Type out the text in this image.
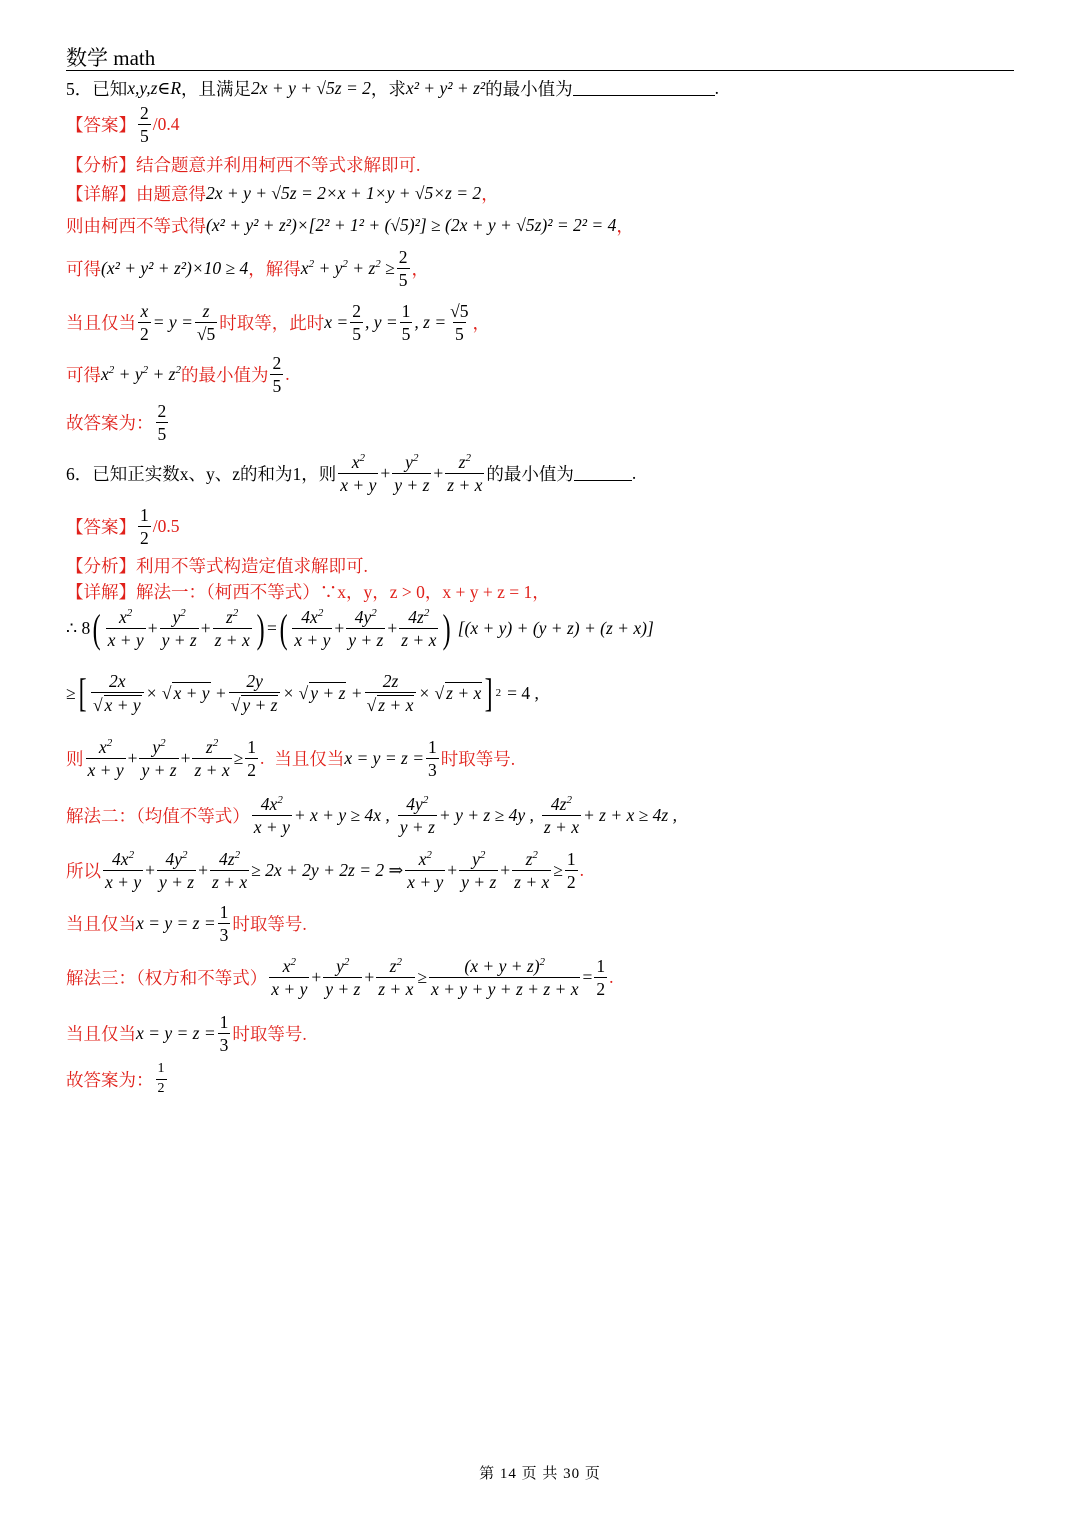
数学 math
5． 已知 x,y,z∈R ，且满足 2x + y + √5z = 2 ，求 x² + y² + z² 的最小值为	.
【答案】 $\frac{2}{5} /0.4$
【分析】 结合题意并利用柯西不等式求解即可.
【详解】 由题意得 2x + y + √5z = 2×x + 1×y + √5×z = 2 ，
则由柯西不等式得 (x² + y² + z²)×[2² + 1² + (√5)²] ≥ (2x + y + √5z)² = 2² = 4 ，
可得 (x² + y² + z²)×10 ≥ 4 ，解得 $x^2 + y^2 + z^2 \ge \frac{2}{5}$ ，
当且仅当 $\frac{x}{2} = y = \frac{z}{√5}$ 时取等，此时 $x = \frac{2}{5}$ , $y = \frac{1}{5}$ , $z = \frac{√5}{5}$ ，
可得 $x^2 + y^2 + z^2$ 的最小值为 $\frac{2}{5}$ .
故答案为： $\frac{2}{5}$
6． 已知正实数x、y、z的和为1，则 $\frac{x^2}{x + y} + \frac{y^2}{y + z} + \frac{z^2}{z + x}$ 的最小值为	.
【答案】 $\frac{1}{2} /0.5$
【分析】 利用不等式构造定值求解即可.
【详解】 解法一：（柯西不等式）∵x，y，z > 0，x + y + z = 1，
∴ 8 ( $\frac{x^2}{x + y} + \frac{y^2}{y + z} + \frac{z^2}{z + x}$ ) = ( $\frac{4x^2}{x + y} + \frac{4y^2}{y + z} + \frac{4z^2}{z + x}$ ) [(x + y) + (y + z) + (z + x)]
≥ [ $\frac{2x}{√ x + y}$ × √ $x + y + \frac{2y}{√ y + z}$ × √ $y + z + \frac{2z}{√ z + x}$ × √ z + x ] 2 = 4 ,
则 $\frac{x^2}{x + y} + \frac{y^2}{y + z} + \frac{z^2}{z + x} \ge \frac{1}{2}$ . 当且仅当 $x = y = z = \frac{1}{3}$ 时取等号.
解法二：（均值不等式） $\frac{4x^2}{x + y} + x + y \ge 4x$ , $\frac{4y^2}{y + z} + y + z \ge 4y$ , $\frac{4z^2}{z + x} + z + x \ge 4z$ ,
所以 $\frac{4x^2}{x + y} + \frac{4y^2}{y + z} + \frac{4z^2}{z + x} \ge 2x + 2y + 2z = 2$ ⇒ $\frac{x^2}{x + y} + \frac{y^2}{y + z} + \frac{z^2}{z + x} \ge \frac{1}{2}$ .
当且仅当 $x = y = z = \frac{1}{3}$ 时取等号.
解法三：（权方和不等式） $\frac{x^2}{x + y} + \frac{y^2}{y + z} + \frac{z^2}{z + x} \ge \frac{(x + y + z)^2}{x + y + y + z + z + x} = \frac{1}{2}$ .
当且仅当 $x = y = z = \frac{1}{3}$ 时取等号.
故答案为： $\frac{1}{2}$
第 14 页 共 30 页
